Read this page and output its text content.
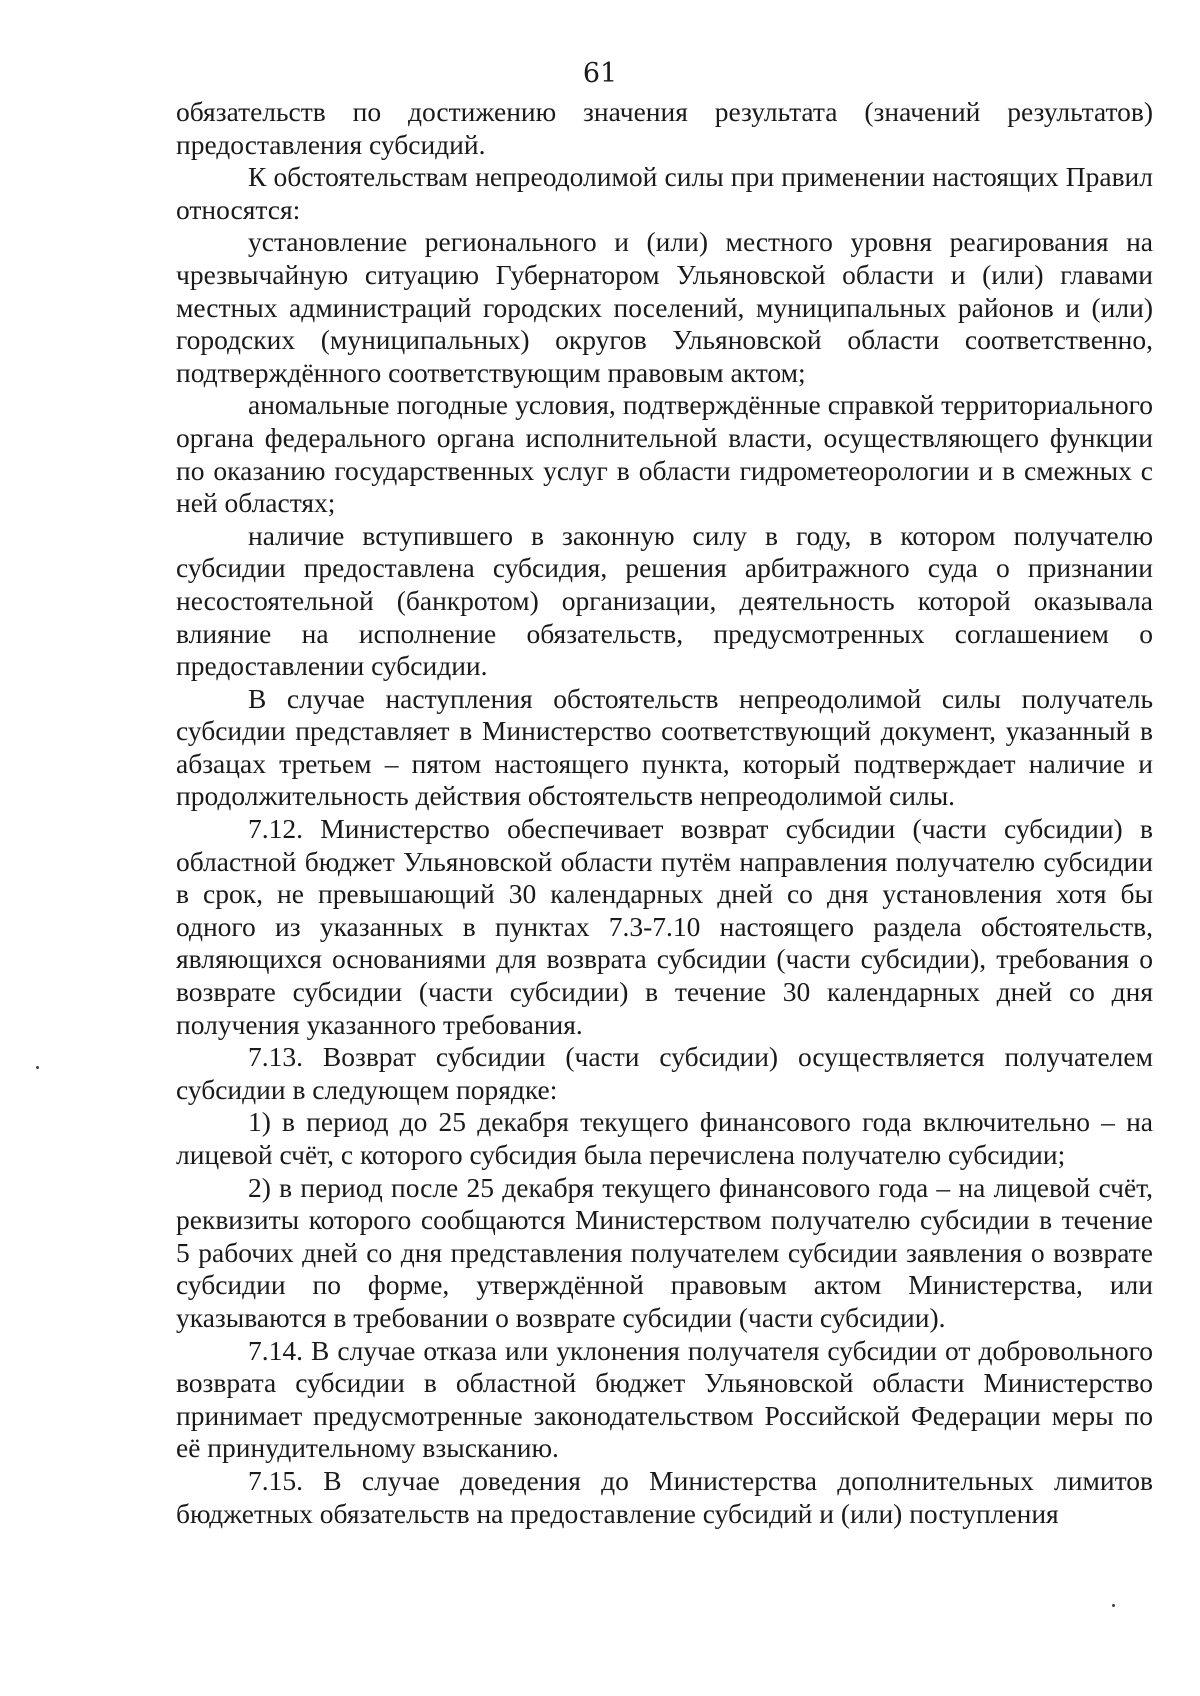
61

обязательств по достижению значения результата (значений результатов) предоставления субсидий.

К обстоятельствам непреодолимой силы при применении настоящих Правил относятся:

установление регионального и (или) местного уровня реагирования на чрезвычайную ситуацию Губернатором Ульяновской области и (или) главами местных администраций городских поселений, муниципальных районов и (или) городских (муниципальных) округов Ульяновской области соответственно, подтверждённого соответствующим правовым актом;

аномальные погодные условия, подтверждённые справкой территориального органа федерального органа исполнительной власти, осуществляющего функции по оказанию государственных услуг в области гидрометеорологии и в смежных с ней областях;

наличие вступившего в законную силу в году, в котором получателю субсидии предоставлена субсидия, решения арбитражного суда о признании несостоятельной (банкротом) организации, деятельность которой оказывала влияние на исполнение обязательств, предусмотренных соглашением о предоставлении субсидии.

В случае наступления обстоятельств непреодолимой силы получатель субсидии представляет в Министерство соответствующий документ, указанный в абзацах третьем – пятом настоящего пункта, который подтверждает наличие и продолжительность действия обстоятельств непреодолимой силы.

7.12. Министерство обеспечивает возврат субсидии (части субсидии) в областной бюджет Ульяновской области путём направления получателю субсидии в срок, не превышающий 30 календарных дней со дня установления хотя бы одного из указанных в пунктах 7.3-7.10 настоящего раздела обстоятельств, являющихся основаниями для возврата субсидии (части субсидии), требования о возврате субсидии (части субсидии) в течение 30 календарных дней со дня получения указанного требования.

7.13. Возврат субсидии (части субсидии) осуществляется получателем субсидии в следующем порядке:

1) в период до 25 декабря текущего финансового года включительно – на лицевой счёт, с которого субсидия была перечислена получателю субсидии;

2) в период после 25 декабря текущего финансового года – на лицевой счёт, реквизиты которого сообщаются Министерством получателю субсидии в течение 5 рабочих дней со дня представления получателем субсидии заявления о возврате субсидии по форме, утверждённой правовым актом Министерства, или указываются в требовании о возврате субсидии (части субсидии).

7.14. В случае отказа или уклонения получателя субсидии от добровольного возврата субсидии в областной бюджет Ульяновской области Министерство принимает предусмотренные законодательством Российской Федерации меры по её принудительному взысканию.

7.15. В случае доведения до Министерства дополнительных лимитов бюджетных обязательств на предоставление субсидий и (или) поступления
